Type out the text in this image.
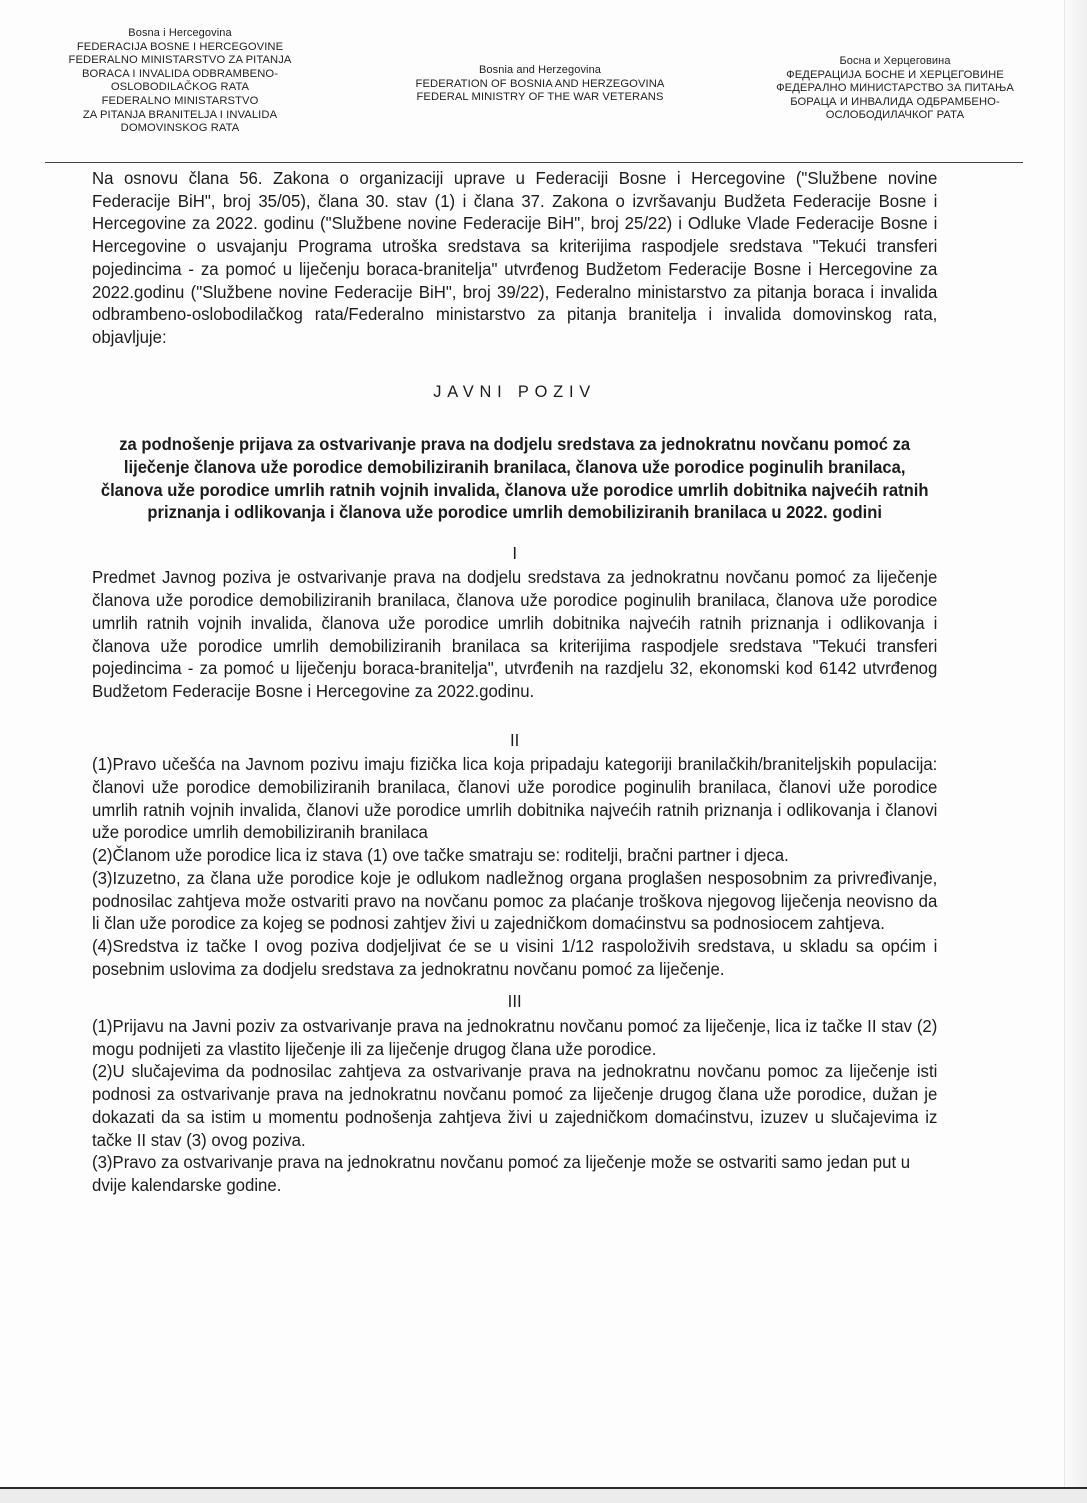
Bosna i Hercegovina
FEDERACIJA BOSNE I HERCEGOVINE
FEDERALNO MINISTARSTVO ZA PITANJA
BORACA I INVALIDA ODBRAMBENO-
OSLOBODILAČKOG RATA
FEDERALNO MINISTARSTVO
ZA PITANJA BRANITELJA I INVALIDA
DOMOVINSKOG RATA
Bosnia and Herzegovina
FEDERATION OF BOSNIA AND HERZEGOVINA
FEDERAL MINISTRY OF THE WAR VETERANS
Босна и Херцеговина
ФЕДЕРАЦИЈА БОСНЕ И ХЕРЦЕГОВИНЕ
ФЕДЕРАЛНО МИНИСТАРСТВО ЗА ПИТАЊА
БОРАЦА И ИНВАЛИДА ОДБРАМБЕНО-
ОСЛОБОДИЛАЧКОГ РАТА

Na osnovu člana 56. Zakona o organizaciji uprave u Federaciji Bosne i Hercegovine ("Službene novine Federacije BiH", broj 35/05), člana 30. stav (1) i člana 37. Zakona o izvršavanju Budžeta Federacije Bosne i Hercegovine za 2022. godinu ("Službene novine Federacije BiH", broj 25/22) i Odluke Vlade Federacije Bosne i Hercegovine o usvajanju Programa utroška sredstava sa kriterijima raspodjele sredstava "Tekući transferi pojedincima - za pomoć u liječenju boraca-branitelja" utvrđenog Budžetom Federacije Bosne i Hercegovine za 2022.godinu ("Službene novine Federacije BiH", broj 39/22), Federalno ministarstvo za pitanja boraca i invalida odbrambeno-oslobodilačkog rata/Federalno ministarstvo za pitanja branitelja i invalida domovinskog rata, objavljuje:

JAVNI POZIV

za podnošenje prijava za ostvarivanje prava na dodjelu sredstava za jednokratnu novčanu pomoć za liječenje članova uže porodice demobiliziranih branilaca, članova uže porodice poginulih branilaca, članova uže porodice umrlih ratnih vojnih invalida, članova uže porodice umrlih dobitnika najvećih ratnih priznanja i odlikovanja i članova uže porodice umrlih demobiliziranih branilaca u 2022. godini

I

Predmet Javnog poziva je ostvarivanje prava na dodjelu sredstava za jednokratnu novčanu pomoć za liječenje članova uže porodice demobiliziranih branilaca, članova uže porodice poginulih branilaca, članova uže porodice umrlih ratnih vojnih invalida, članova uže porodice umrlih dobitnika najvećih ratnih priznanja i odlikovanja i članova uže porodice umrlih demobiliziranih branilaca sa kriterijima raspodjele sredstava "Tekući transferi pojedincima - za pomoć u liječenju boraca-branitelja", utvrđenih na razdjelu 32, ekonomski kod 6142 utvrđenog Budžetom Federacije Bosne i Hercegovine za 2022.godinu.

II

(1)Pravo učešća na Javnom pozivu imaju fizička lica koja pripadaju kategoriji branilačkih/braniteljskih populacija: članovi uže porodice demobiliziranih branilaca, članovi uže porodice poginulih branilaca, članovi uže porodice umrlih ratnih vojnih invalida, članovi uže porodice umrlih dobitnika najvećih ratnih priznanja i odlikovanja i članovi uže porodice umrlih demobiliziranih branilaca

(2)Članom uže porodice lica iz stava (1) ove tačke smatraju se: roditelji, bračni partner i djeca.

(3)Izuzetno, za člana uže porodice koje je odlukom nadležnog organa proglašen nesposobnim za privređivanje, podnosilac zahtjeva može ostvariti pravo na novčanu pomoc za plaćanje troškova njegovog liječenja neovisno da li član uže porodice za kojeg se podnosi zahtjev živi u zajedničkom domaćinstvu sa podnosiocem zahtjeva.

(4)Sredstva iz tačke I ovog poziva dodjeljivat će se u visini 1/12 raspoloživih sredstava, u skladu sa općim i posebnim uslovima za dodjelu sredstava za jednokratnu novčanu pomoć za liječenje.

III

(1)Prijavu na Javni poziv za ostvarivanje prava na jednokratnu novčanu pomoć za liječenje, lica iz tačke II stav (2) mogu podnijeti za vlastito liječenje ili za liječenje drugog člana uže porodice.

(2)U slučajevima da podnosilac zahtjeva za ostvarivanje prava na jednokratnu novčanu pomoc za liječenje isti podnosi za ostvarivanje prava na jednokratnu novčanu pomoć za liječenje drugog člana uže porodice, dužan je dokazati da sa istim u momentu podnošenja zahtjeva živi u zajedničkom domaćinstvu, izuzev u slučajevima iz tačke II stav (3) ovog poziva.

(3)Pravo za ostvarivanje prava na jednokratnu novčanu pomoć za liječenje može se ostvariti samo jedan put u dvije kalendarske godine.
